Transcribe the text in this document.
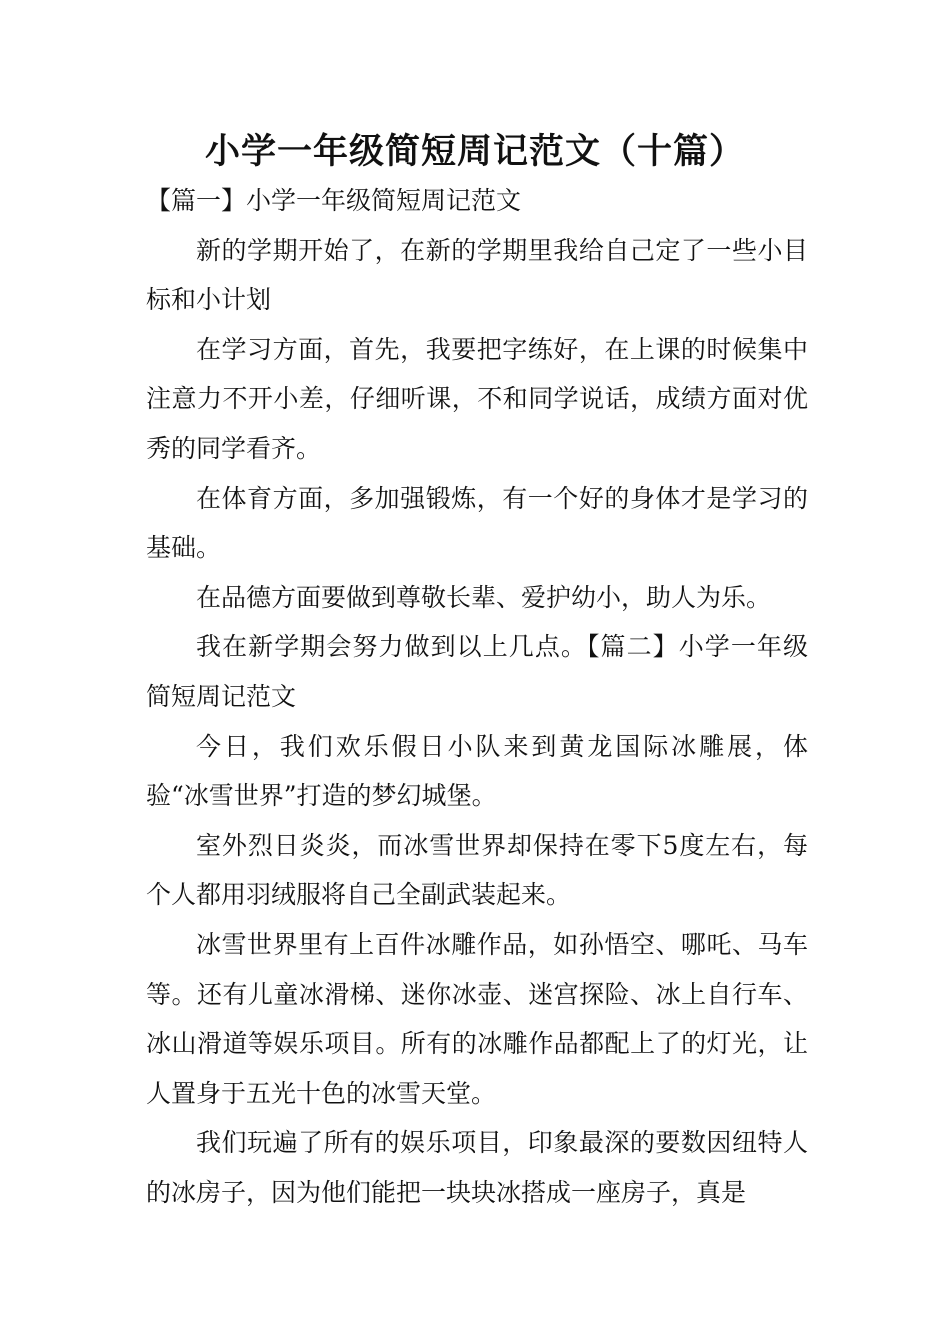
小学一年级简短周记范文（十篇）

【篇一】小学一年级简短周记范文

新的学期开始了，在新的学期里我给自己定了一些小目标和小计划

在学习方面，首先，我要把字练好，在上课的时候集中注意力不开小差，仔细听课，不和同学说话，成绩方面对优秀的同学看齐。

在体育方面，多加强锻炼，有一个好的身体才是学习的基础。

在品德方面要做到尊敬长辈、爱护幼小，助人为乐。

我在新学期会努力做到以上几点。【篇二】小学一年级简短周记范文

今日，我们欢乐假日小队来到黄龙国际冰雕展，体验“冰雪世界”打造的梦幻城堡。

室外烈日炎炎，而冰雪世界却保持在零下5度左右，每个人都用羽绒服将自己全副武装起来。

冰雪世界里有上百件冰雕作品，如孙悟空、哪吒、马车等。还有儿童冰滑梯、迷你冰壶、迷宫探险、冰上自行车、冰山滑道等娱乐项目。所有的冰雕作品都配上了的灯光，让人置身于五光十色的冰雪天堂。

我们玩遍了所有的娱乐项目，印象最深的要数因纽特人的冰房子，因为他们能把一块块冰搭成一座房子，真是
